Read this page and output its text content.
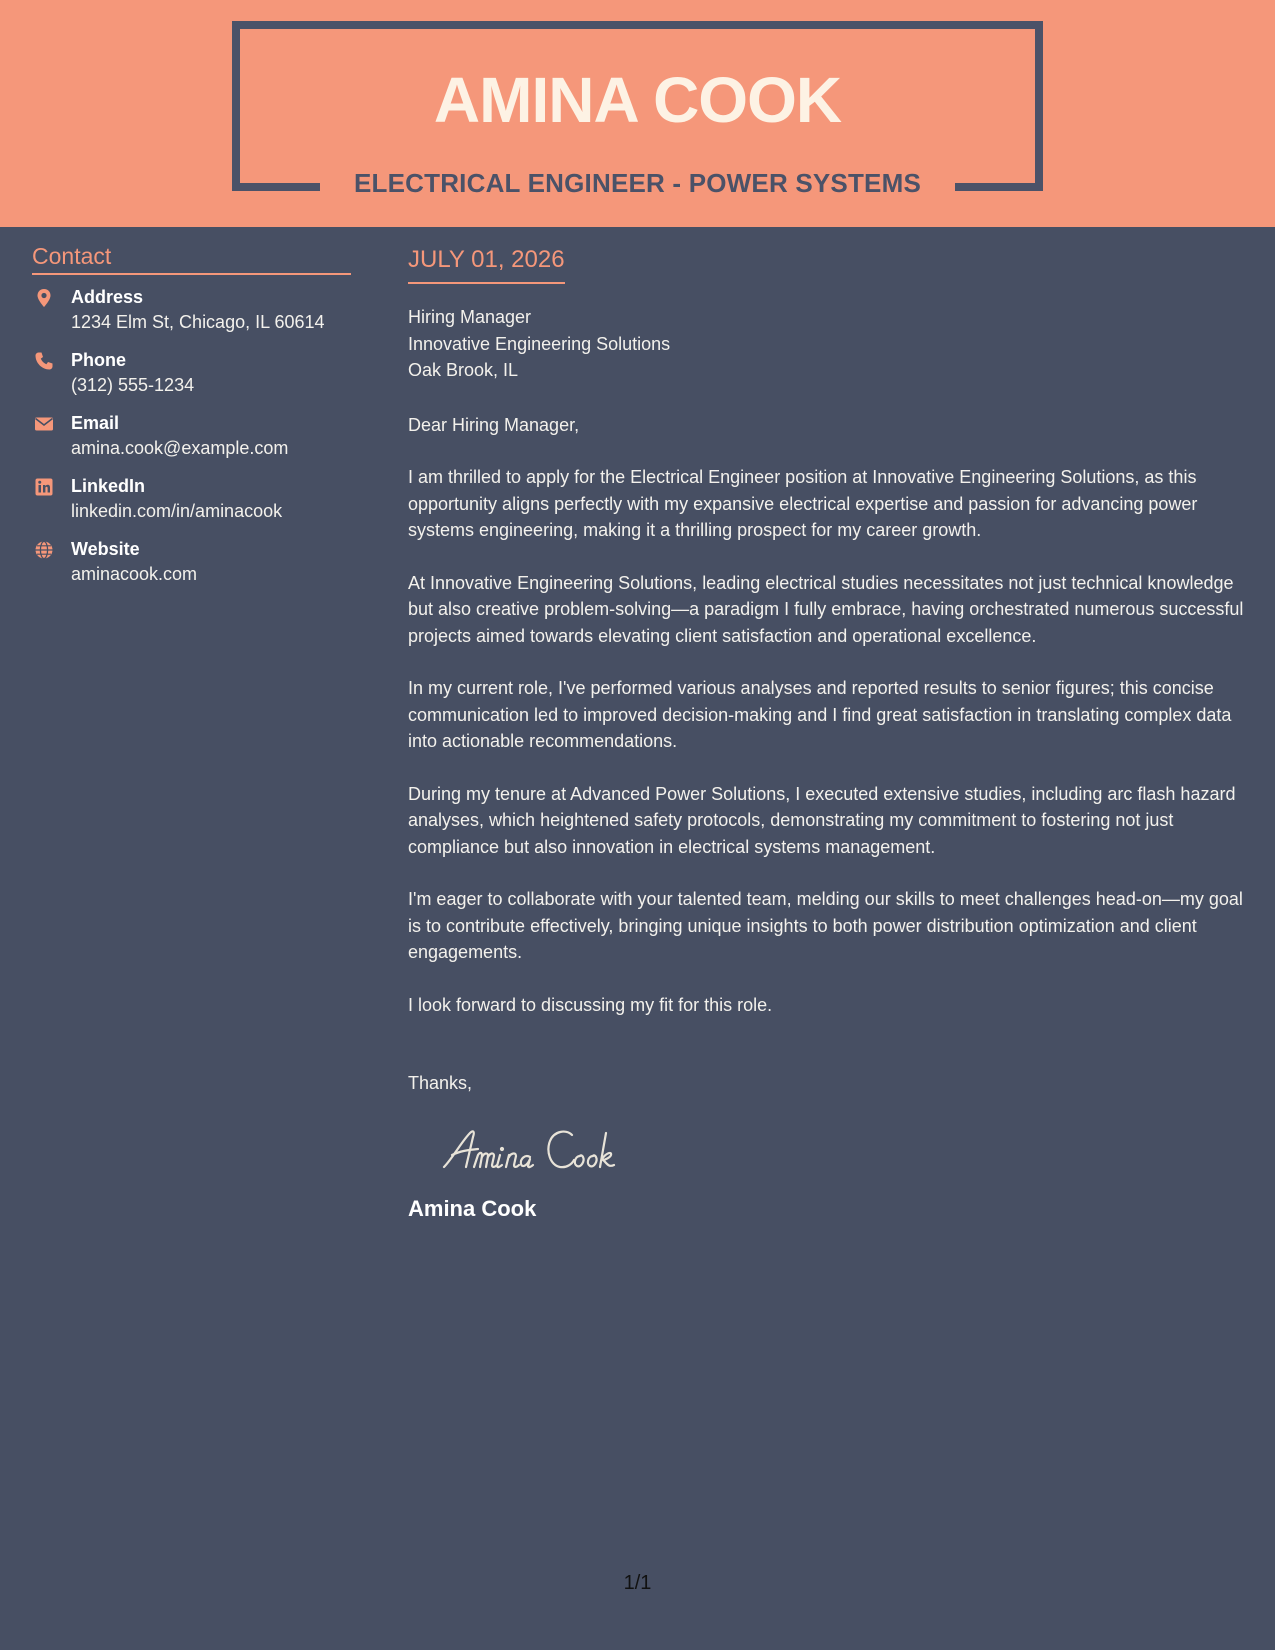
AMINA COOK
ELECTRICAL ENGINEER - POWER SYSTEMS
Contact
Address
1234 Elm St, Chicago, IL 60614
Phone
(312) 555-1234
Email
amina.cook@example.com
LinkedIn
linkedin.com/in/aminacook
Website
aminacook.com
JULY 01, 2026
Hiring Manager
Innovative Engineering Solutions
Oak Brook, IL
Dear Hiring Manager,
I am thrilled to apply for the Electrical Engineer position at Innovative Engineering Solutions, as this opportunity aligns perfectly with my expansive electrical expertise and passion for advancing power systems engineering, making it a thrilling prospect for my career growth.
At Innovative Engineering Solutions, leading electrical studies necessitates not just technical knowledge but also creative problem-solving—a paradigm I fully embrace, having orchestrated numerous successful projects aimed towards elevating client satisfaction and operational excellence.
In my current role, I've performed various analyses and reported results to senior figures; this concise communication led to improved decision-making and I find great satisfaction in translating complex data into actionable recommendations.
During my tenure at Advanced Power Solutions, I executed extensive studies, including arc flash hazard analyses, which heightened safety protocols, demonstrating my commitment to fostering not just compliance but also innovation in electrical systems management.
I'm eager to collaborate with your talented team, melding our skills to meet challenges head-on—my goal is to contribute effectively, bringing unique insights to both power distribution optimization and client engagements.
I look forward to discussing my fit for this role.
Thanks,
Amina Cook
1/1
